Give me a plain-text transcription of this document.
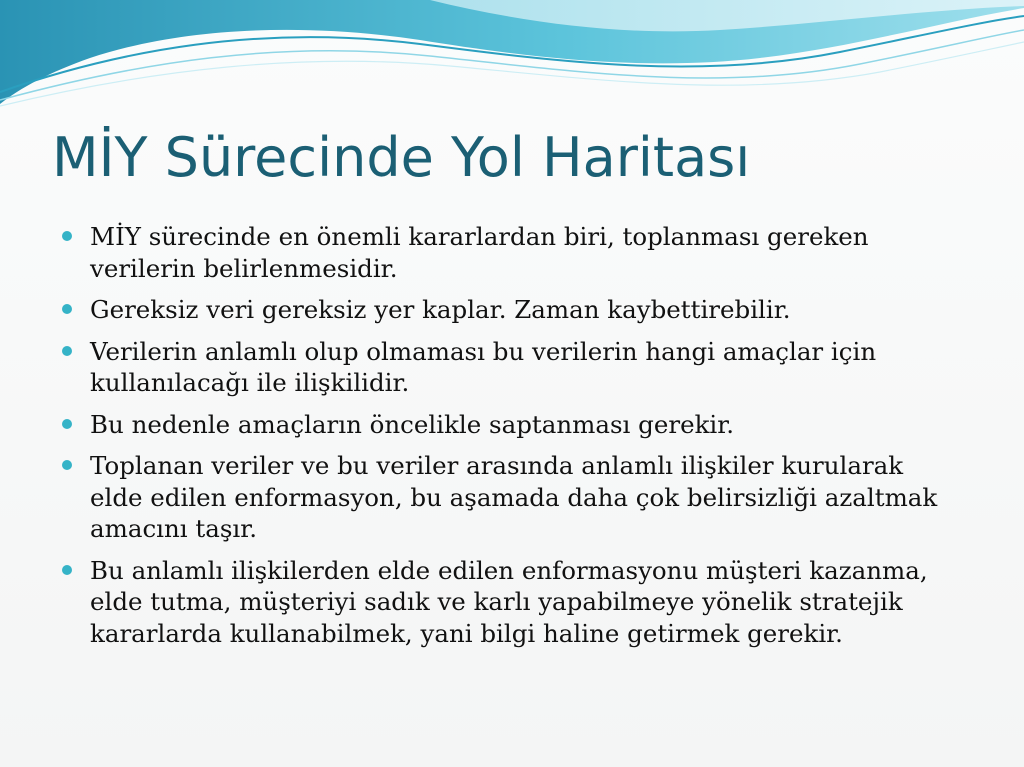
MİY Sürecinde Yol Haritası
MİY sürecinde en önemli kararlardan biri, toplanması gereken verilerin belirlenmesidir.
Gereksiz veri gereksiz yer kaplar. Zaman kaybettirebilir.
Verilerin anlamlı olup olmaması bu verilerin hangi amaçlar için kullanılacağı ile ilişkilidir.
Bu nedenle amaçların öncelikle saptanması gerekir.
Toplanan veriler ve bu veriler arasında anlamlı ilişkiler kurularak elde edilen enformasyon, bu aşamada daha çok belirsizliği azaltmak amacını taşır.
Bu anlamlı ilişkilerden elde edilen enformasyonu müşteri kazanma, elde tutma, müşteriyi sadık ve karlı yapabilmeye yönelik stratejik kararlarda kullanabilmek, yani bilgi haline getirmek gerekir.
